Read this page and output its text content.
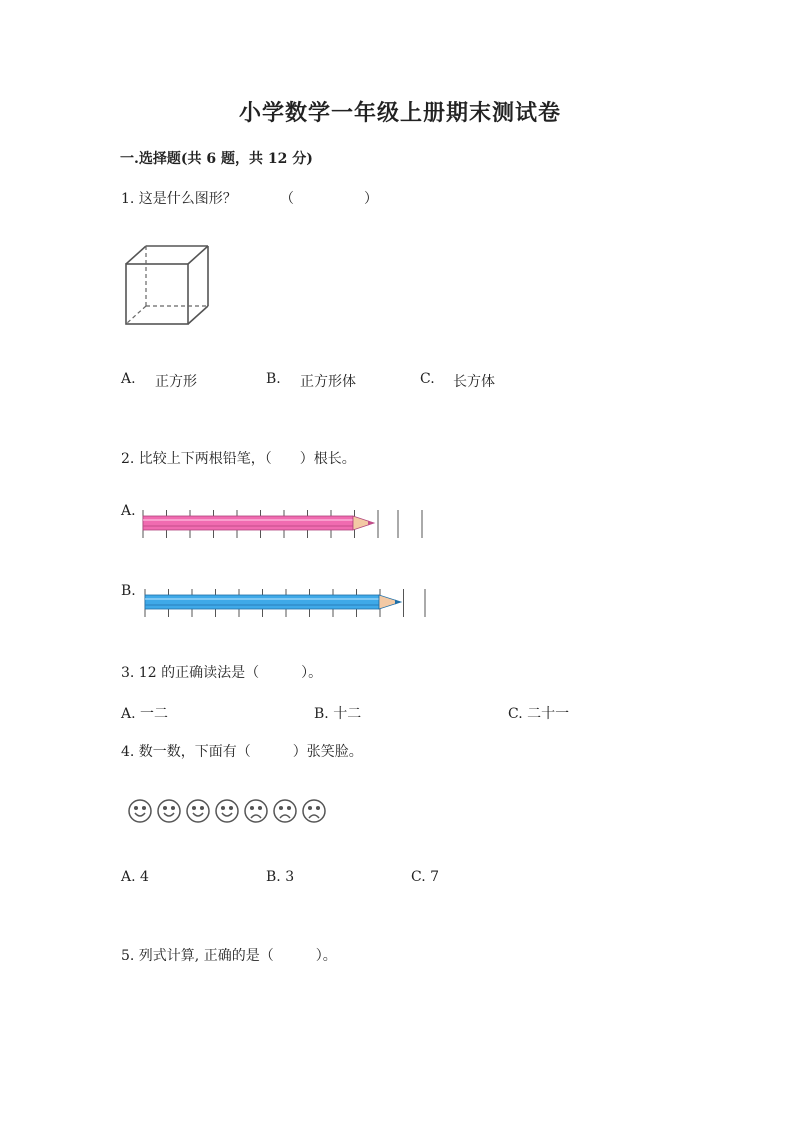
小学数学一年级上册期末测试卷
一.选择题(共 6 题，共 12 分)
1. 这是什么图形？	（　　　　　）
A. 正方形	B. 正方形体	C. 长方体
2. 比较上下两根铅笔，（　　）根长。
A.
B.
3. 12 的正确读法是（　　　）。
A. 一二	B. 十二	C. 二十一
4. 数一数，下面有（　　　）张笑脸。
A. 4	B. 3	C. 7
5. 列式计算, 正确的是（　　　）。
